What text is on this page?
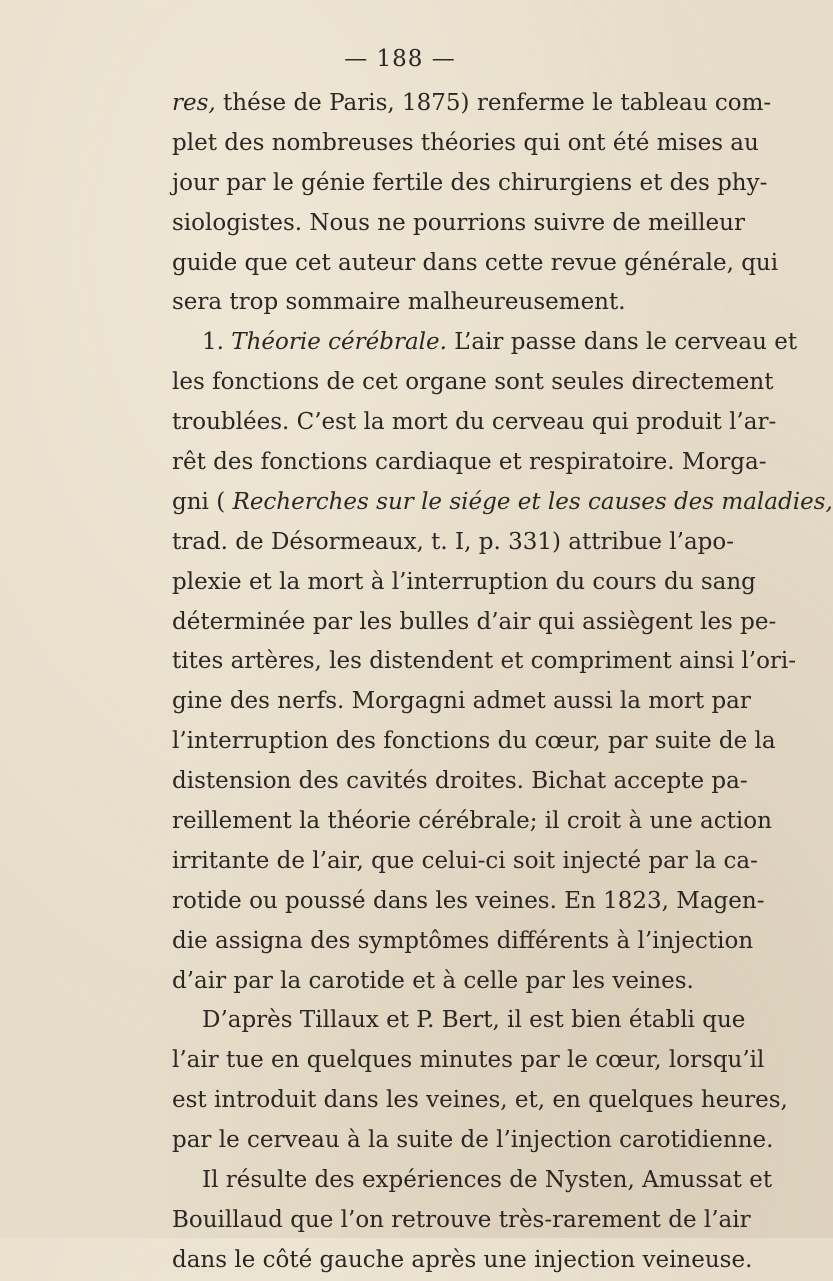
— 188 —
res, thése de Paris, 1875) renferme le tableau com-
plet des nombreuses théories qui ont été mises au
jour par le génie fertile des chirurgiens et des phy-
siologistes. Nous ne pourrions suivre de meilleur
guide que cet auteur dans cette revue générale, qui
sera trop sommaire malheureusement.
1. Théorie cérébrale. L’air passe dans le cerveau et
les fonctions de cet organe sont seules directement
troublées. C’est la mort du cerveau qui produit l’ar-
rêt des fonctions cardiaque et respiratoire. Morga-
gni ( Recherches sur le siége et les causes des maladies,
trad. de Désormeaux, t. I, p. 331) attribue l’apo-
plexie et la mort à l’interruption du cours du sang
déterminée par les bulles d’air qui assiègent les pe-
tites artères, les distendent et compriment ainsi l’ori-
gine des nerfs. Morgagni admet aussi la mort par
l’interruption des fonctions du cœur, par suite de la
distension des cavités droites. Bichat accepte pa-
reillement la théorie cérébrale; il croit à une action
irritante de l’air, que celui-ci soit injecté par la ca-
rotide ou poussé dans les veines. En 1823, Magen-
die assigna des symptômes différents à l’injection
d’air par la carotide et à celle par les veines.
D’après Tillaux et P. Bert, il est bien établi que
l’air tue en quelques minutes par le cœur, lorsqu’il
est introduit dans les veines, et, en quelques heures,
par le cerveau à la suite de l’injection carotidienne.
Il résulte des expériences de Nysten, Amussat et
Bouillaud que l’on retrouve très-rarement de l’air
dans le côté gauche après une injection veineuse.
